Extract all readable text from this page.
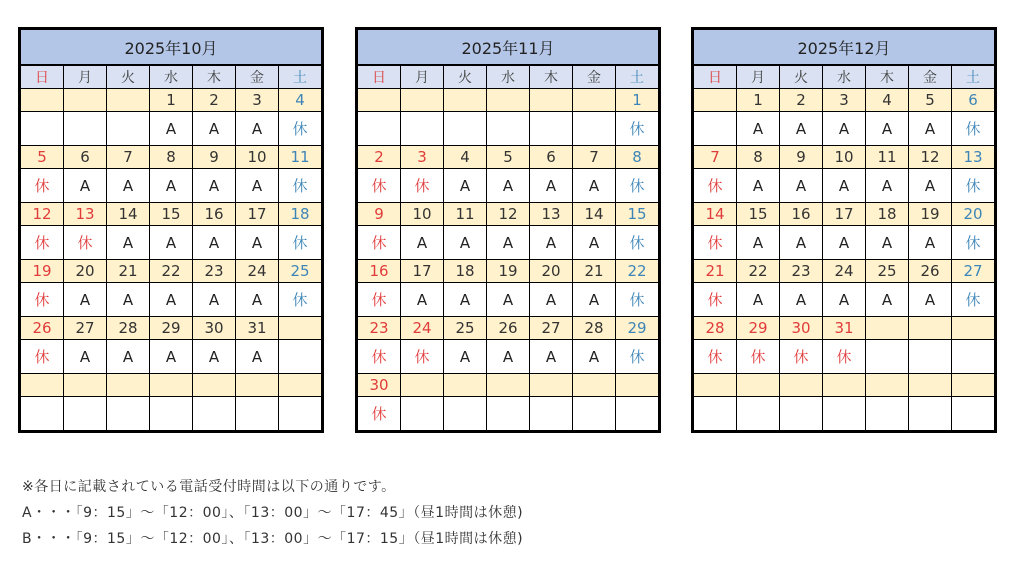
2025年10月						
日	月	火	水	木	金	土
			1	2	3	4
			A	A	A	休
5	6	7	8	9	10	11
休	A	A	A	A	A	休
12	13	14	15	16	17	18
休	休	A	A	A	A	休
19	20	21	22	23	24	25
休	A	A	A	A	A	休
26	27	28	29	30	31	
休	A	A	A	A	A	

2025年11月						
日	月	火	水	木	金	土
						1
						休
2	3	4	5	6	7	8
休	休	A	A	A	A	休
9	10	11	12	13	14	15
休	A	A	A	A	A	休
16	17	18	19	20	21	22
休	A	A	A	A	A	休
23	24	25	26	27	28	29
休	休	A	A	A	A	休
30						
休						
2025年12月						
日	月	火	水	木	金	土
	1	2	3	4	5	6
	A	A	A	A	A	休
7	8	9	10	11	12	13
休	A	A	A	A	A	休
14	15	16	17	18	19	20
休	A	A	A	A	A	休
21	22	23	24	25	26	27
休	A	A	A	A	A	休
28	29	30	31			
休	休	休	休			

※各日に記載されている電話受付時間は以下の通りです。
A・・・「9：15」～「12：00」、「13：00」～「17：45」（昼1時間は休憩)
B・・・「9：15」～「12：00」、「13：00」～「17：15」（昼1時間は休憩)
